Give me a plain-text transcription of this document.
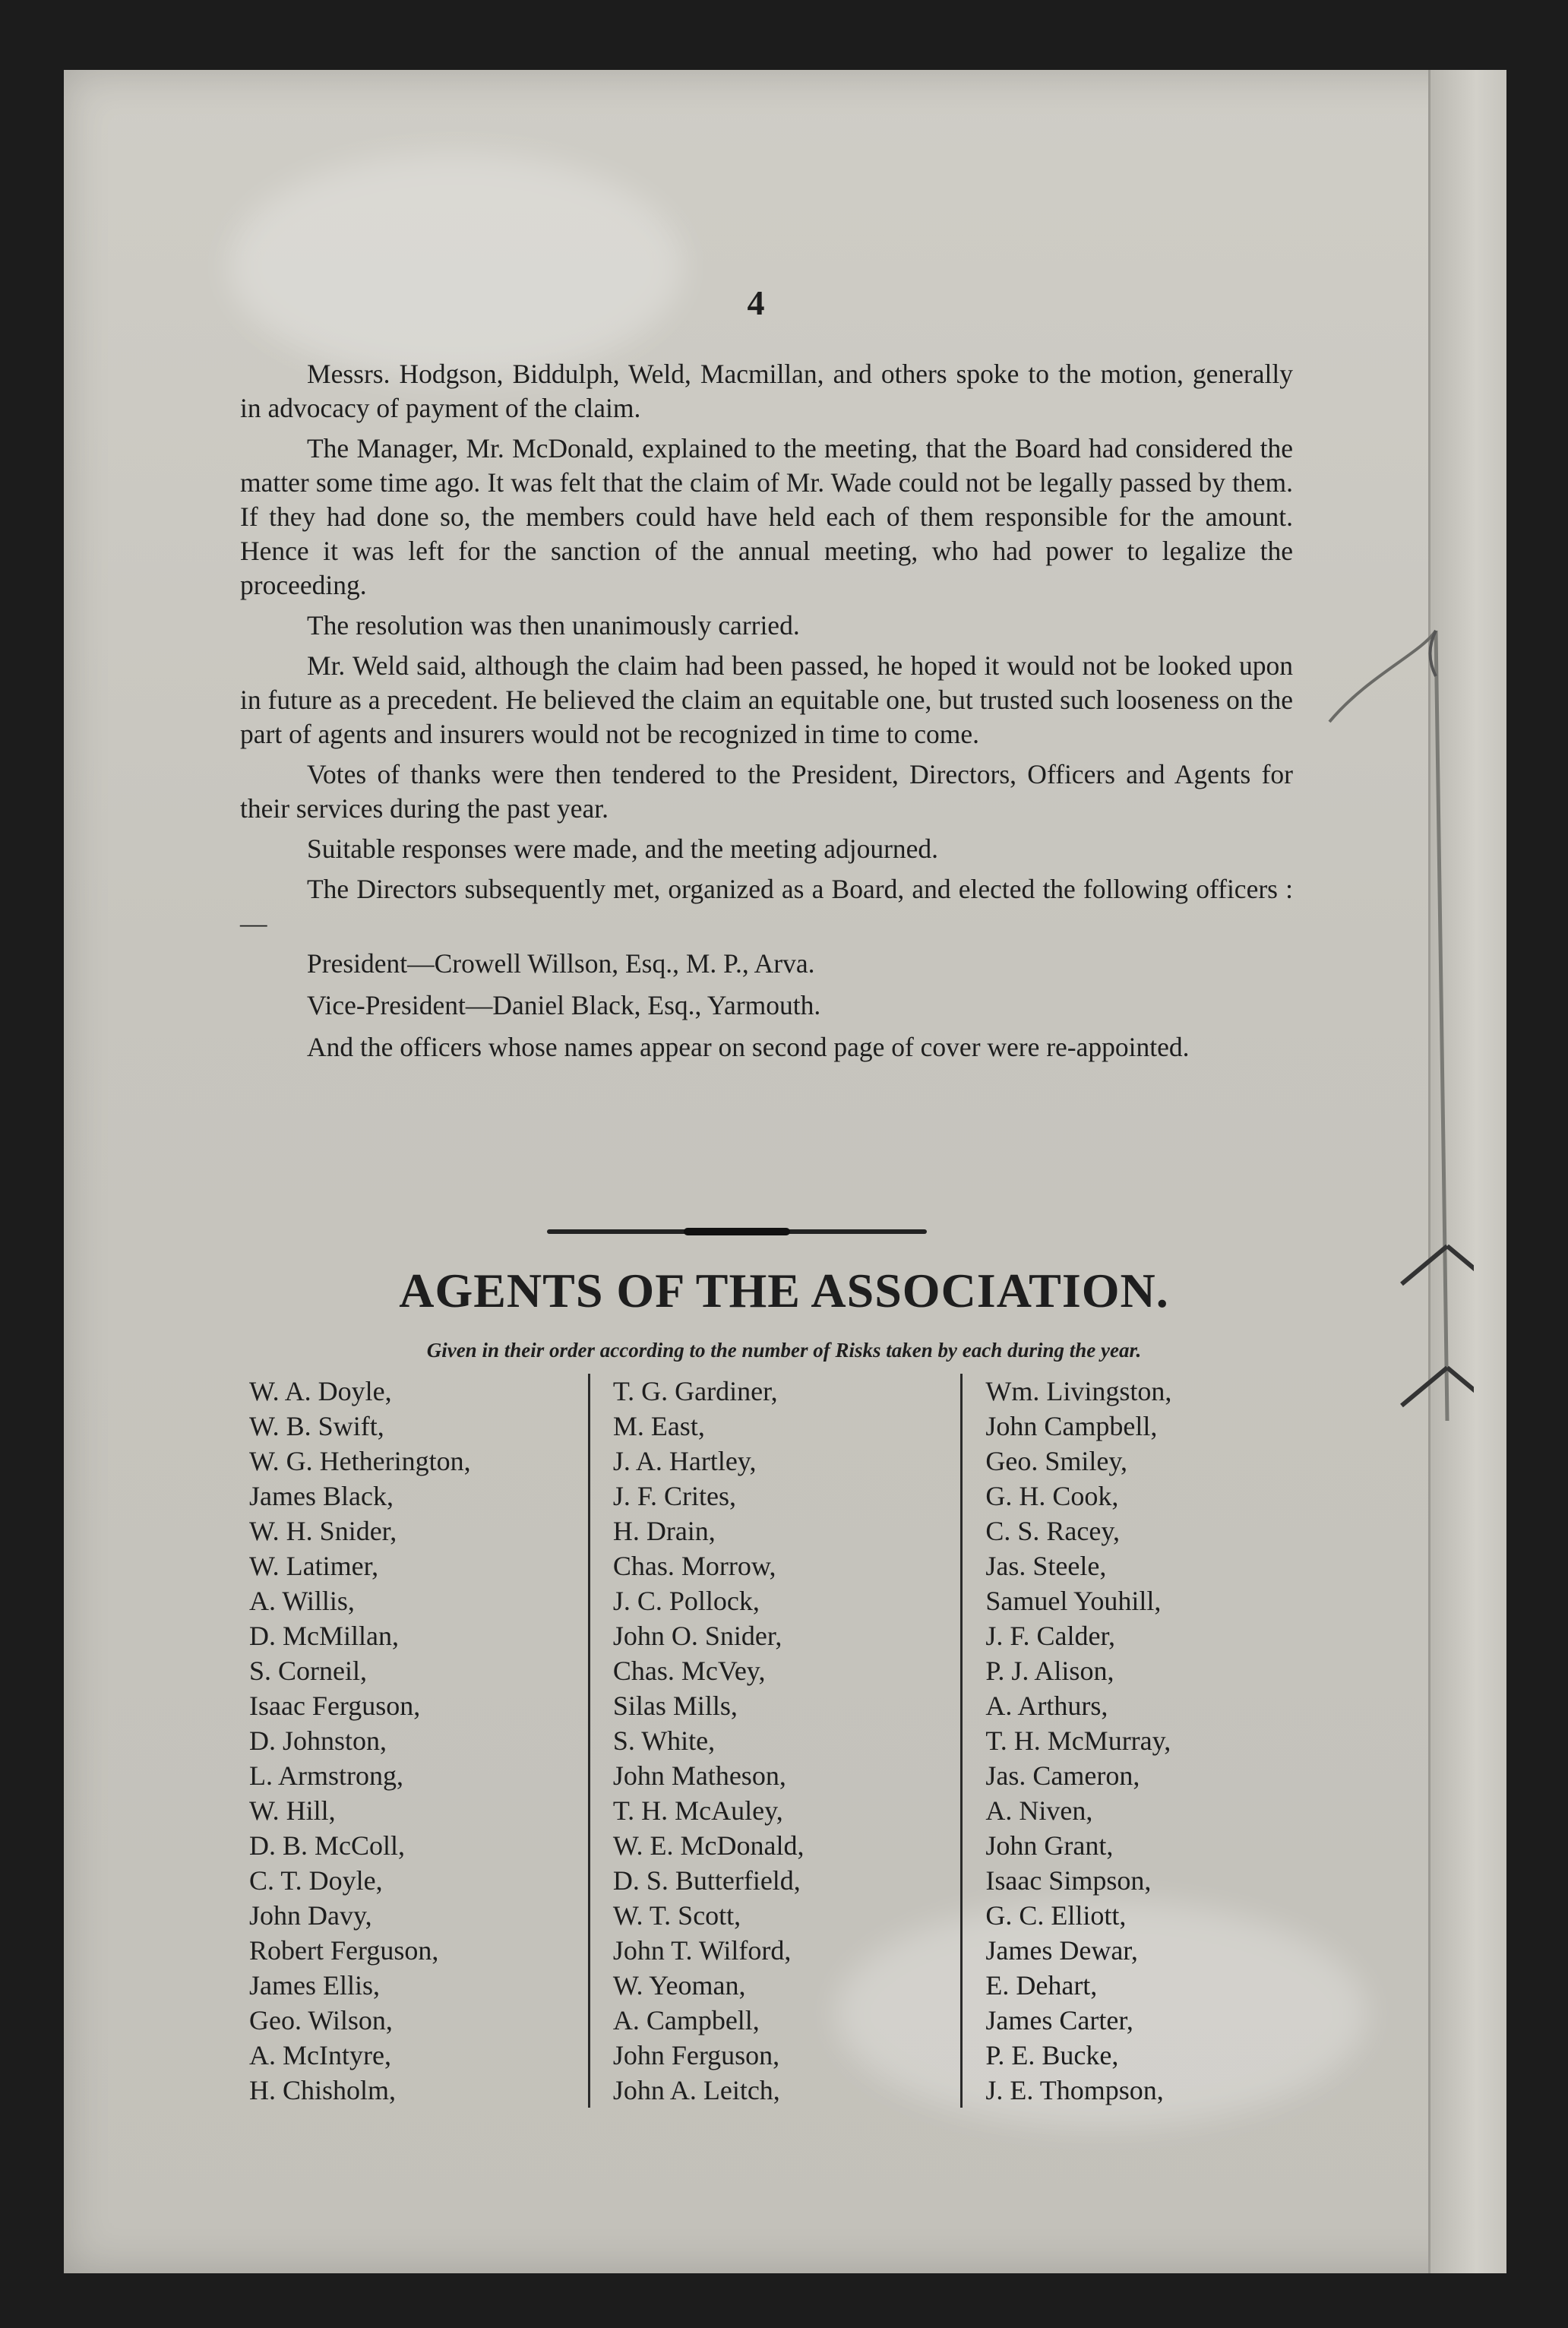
4

Messrs. Hodgson, Biddulph, Weld, Macmillan, and others spoke to the motion, generally in advocacy of payment of the claim.

The Manager, Mr. McDonald, explained to the meeting, that the Board had considered the matter some time ago. It was felt that the claim of Mr. Wade could not be legally passed by them. If they had done so, the members could have held each of them responsible for the amount. Hence it was left for the sanction of the annual meeting, who had power to legalize the proceeding.

The resolution was then unanimously carried.

Mr. Weld said, although the claim had been passed, he hoped it would not be looked upon in future as a precedent. He believed the claim an equitable one, but trusted such looseness on the part of agents and insurers would not be recognized in time to come.

Votes of thanks were then tendered to the President, Directors, Officers and Agents for their services during the past year.

Suitable responses were made, and the meeting adjourned.

The Directors subsequently met, organized as a Board, and elected the following officers :—

President—Crowell Willson, Esq., M. P., Arva.

Vice-President—Daniel Black, Esq., Yarmouth.

And the officers whose names appear on second page of cover were re-appointed.

AGENTS OF THE ASSOCIATION.
Given in their order according to the number of Risks taken by each during the year.
W. A. Doyle,
W. B. Swift,
W. G. Hetherington,
James Black,
W. H. Snider,
W. Latimer,
A. Willis,
D. McMillan,
S. Corneil,
Isaac Ferguson,
D. Johnston,
L. Armstrong,
W. Hill,
D. B. McColl,
C. T. Doyle,
John Davy,
Robert Ferguson,
James Ellis,
Geo. Wilson,
A. McIntyre,
H. Chisholm,
T. G. Gardiner,
M. East,
J. A. Hartley,
J. F. Crites,
H. Drain,
Chas. Morrow,
J. C. Pollock,
John O. Snider,
Chas. McVey,
Silas Mills,
S. White,
John Matheson,
T. H. McAuley,
W. E. McDonald,
D. S. Butterfield,
W. T. Scott,
John T. Wilford,
W. Yeoman,
A. Campbell,
John Ferguson,
John A. Leitch,
Wm. Livingston,
John Campbell,
Geo. Smiley,
G. H. Cook,
C. S. Racey,
Jas. Steele,
Samuel Youhill,
J. F. Calder,
P. J. Alison,
A. Arthurs,
T. H. McMurray,
Jas. Cameron,
A. Niven,
John Grant,
Isaac Simpson,
G. C. Elliott,
James Dewar,
E. Dehart,
James Carter,
P. E. Bucke,
J. E. Thompson,
